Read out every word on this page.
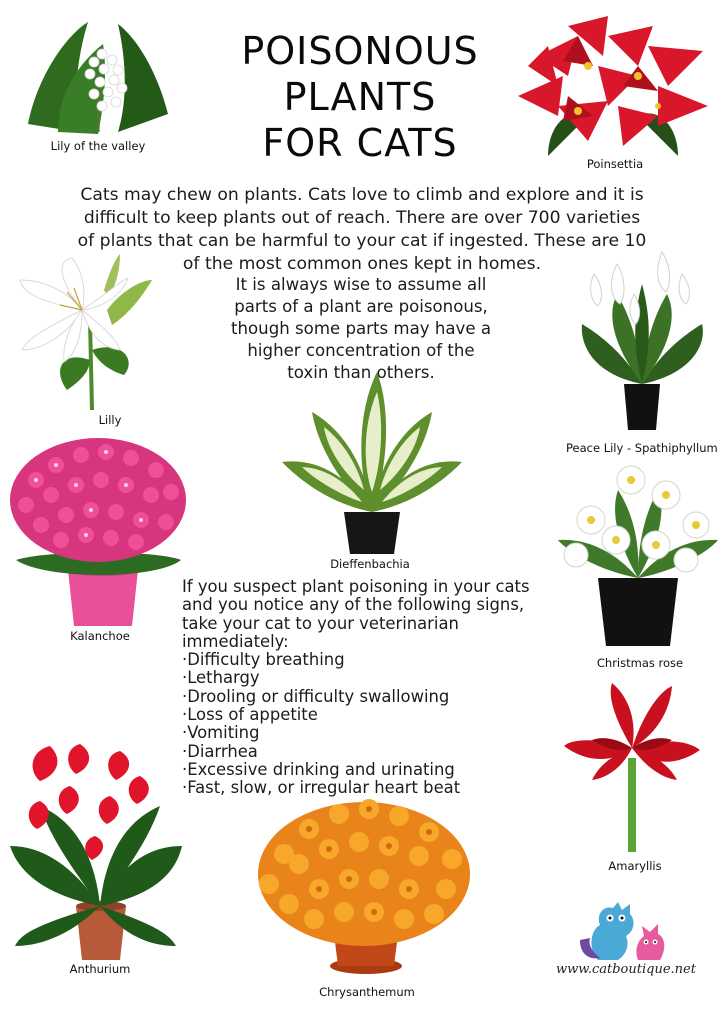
POISONOUS
PLANTS
FOR CATS
Cats may chew on plants. Cats love to climb and explore and it is
difficult to keep plants out of reach. There are over 700 varieties
of plants that can be harmful to your cat if ingested. These are 10
of the most common ones kept in homes.
It is always wise to assume all
parts of a plant are poisonous,
though some parts may have a
higher concentration of the
toxin than others.
If you suspect plant poisoning in your cats
and you notice any of the following signs,
take your cat to your veterinarian
immediately:
·Difficulty breathing
·Lethargy
·Drooling or difficulty swallowing
·Loss of appetite
·Vomiting
·Diarrhea
·Excessive drinking and urinating
·Fast, slow, or irregular heart beat
Lily of the valley
Poinsettia
Lilly
Peace Lily - Spathiphyllum
Dieffenbachia
Kalanchoe
Christmas rose
Amaryllis
Anthurium
Chrysanthemum
www.catboutique.net
